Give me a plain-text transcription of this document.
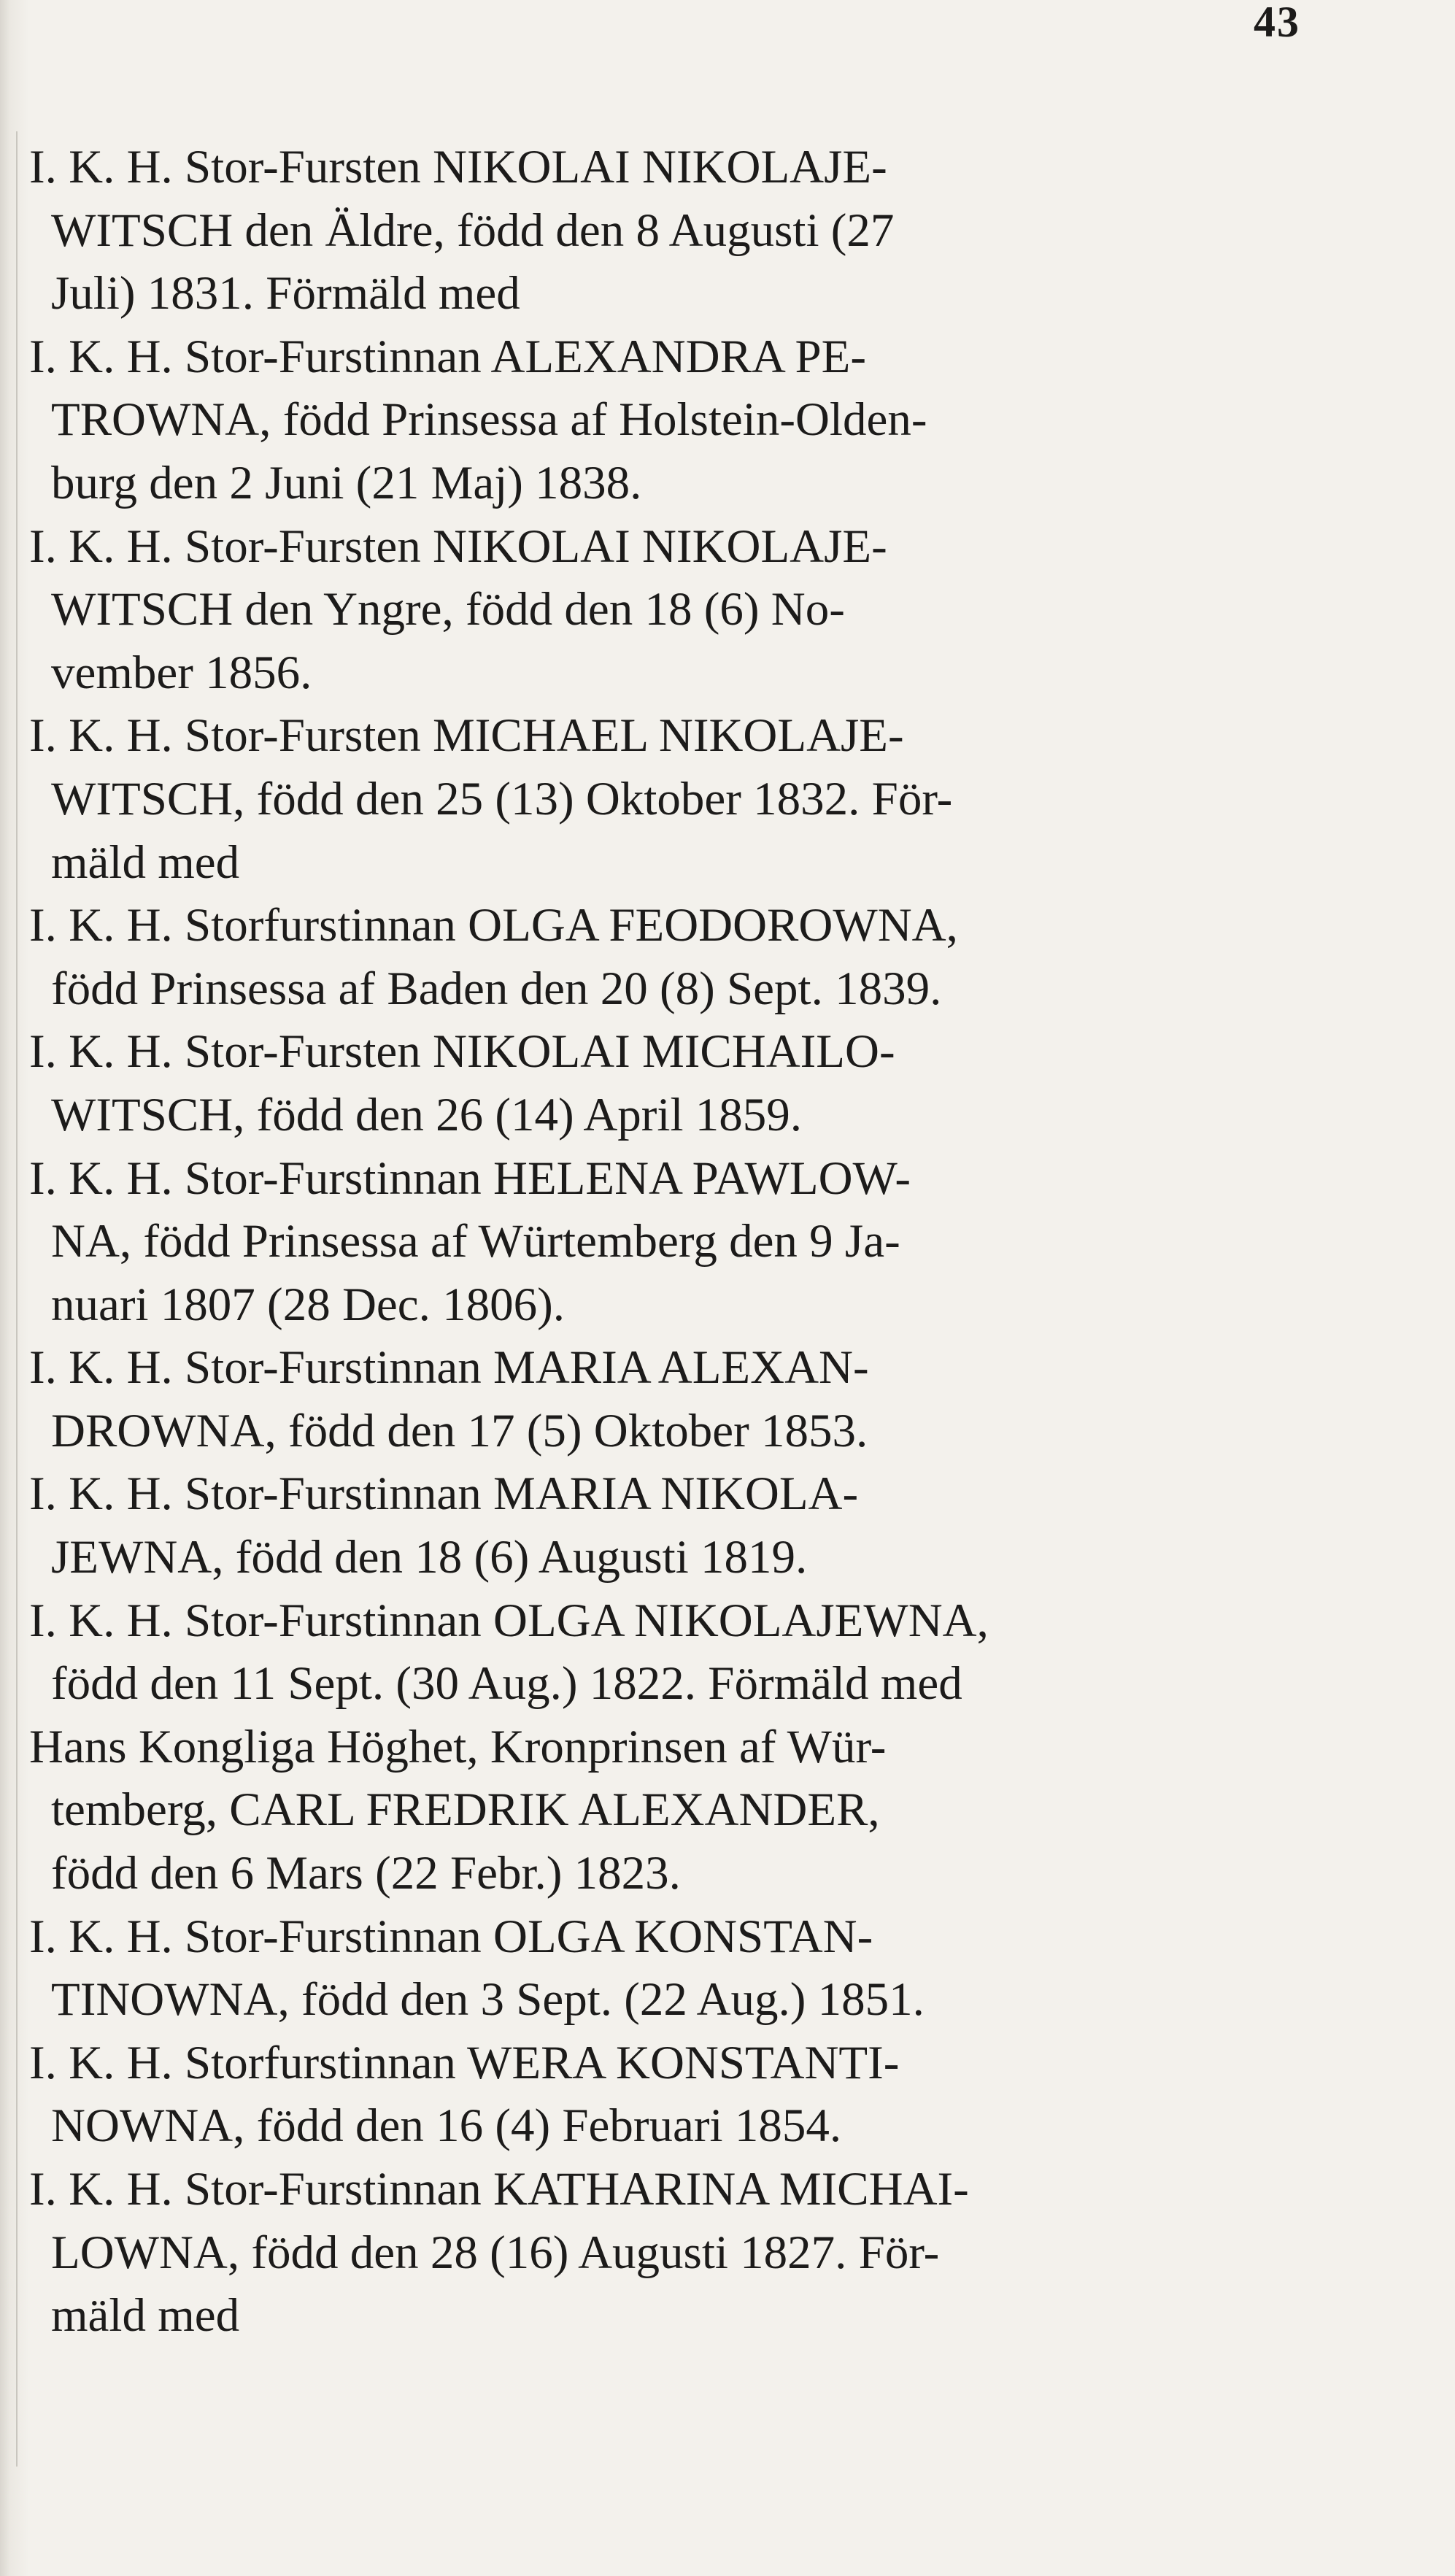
43

I. K. H. Stor-Fursten NIKOLAI NIKOLAJE-
WITSCH den Äldre, född den 8 Augusti (27
Juli) 1831. Förmäld med

I. K. H. Stor-Furstinnan ALEXANDRA PE-
TROWNA, född Prinsessa af Holstein-Olden-
burg den 2 Juni (21 Maj) 1838.

I. K. H. Stor-Fursten NIKOLAI NIKOLAJE-
WITSCH den Yngre, född den 18 (6) No-
vember 1856.

I. K. H. Stor-Fursten MICHAEL NIKOLAJE-
WITSCH, född den 25 (13) Oktober 1832. För-
mäld med

I. K. H. Storfurstinnan OLGA FEODOROWNA,
född Prinsessa af Baden den 20 (8) Sept. 1839.

I. K. H. Stor-Fursten NIKOLAI MICHAILO-
WITSCH, född den 26 (14) April 1859.

I. K. H. Stor-Furstinnan HELENA PAWLOW-
NA, född Prinsessa af Würtemberg den 9 Ja-
nuari 1807 (28 Dec. 1806).

I. K. H. Stor-Furstinnan MARIA ALEXAN-
DROWNA, född den 17 (5) Oktober 1853.

I. K. H. Stor-Furstinnan MARIA NIKOLA-
JEWNA, född den 18 (6) Augusti 1819.

I. K. H. Stor-Furstinnan OLGA NIKOLAJEWNA,
född den 11 Sept. (30 Aug.) 1822. Förmäld med
Hans Kongliga Höghet, Kronprinsen af Wür-
temberg, CARL FREDRIK ALEXANDER,
född den 6 Mars (22 Febr.) 1823.

I. K. H. Stor-Furstinnan OLGA KONSTAN-
TINOWNA, född den 3 Sept. (22 Aug.) 1851.

I. K. H. Storfurstinnan WERA KONSTANTI-
NOWNA, född den 16 (4) Februari 1854.

I. K. H. Stor-Furstinnan KATHARINA MICHAI-
LOWNA, född den 28 (16) Augusti 1827. För-
mäld med
